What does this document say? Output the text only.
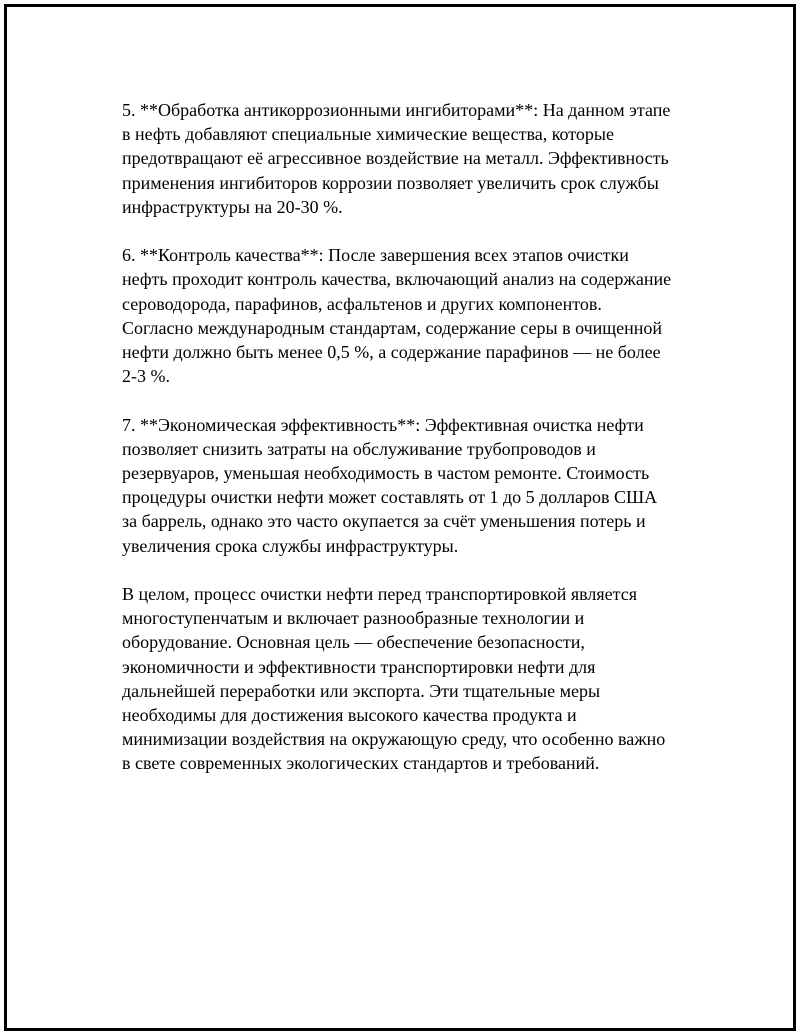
5. **Обработка антикоррозионными ингибиторами**: На данном этапе
в нефть добавляют специальные химические вещества, которые
предотвращают её агрессивное воздействие на металл. Эффективность
применения ингибиторов коррозии позволяет увеличить срок службы
инфраструктуры на 20-30 %.

6. **Контроль качества**: После завершения всех этапов очистки
нефть проходит контроль качества, включающий анализ на содержание
сероводорода, парафинов, асфальтенов и других компонентов.
Согласно международным стандартам, содержание серы в очищенной
нефти должно быть менее 0,5 %, а содержание парафинов — не более
2-3 %.

7. **Экономическая эффективность**: Эффективная очистка нефти
позволяет снизить затраты на обслуживание трубопроводов и
резервуаров, уменьшая необходимость в частом ремонте. Стоимость
процедуры очистки нефти может составлять от 1 до 5 долларов США
за баррель, однако это часто окупается за счёт уменьшения потерь и
увеличения срока службы инфраструктуры.

В целом, процесс очистки нефти перед транспортировкой является
многоступенчатым и включает разнообразные технологии и
оборудование. Основная цель — обеспечение безопасности,
экономичности и эффективности транспортировки нефти для
дальнейшей переработки или экспорта. Эти тщательные меры
необходимы для достижения высокого качества продукта и
минимизации воздействия на окружающую среду, что особенно важно
в свете современных экологических стандартов и требований.
